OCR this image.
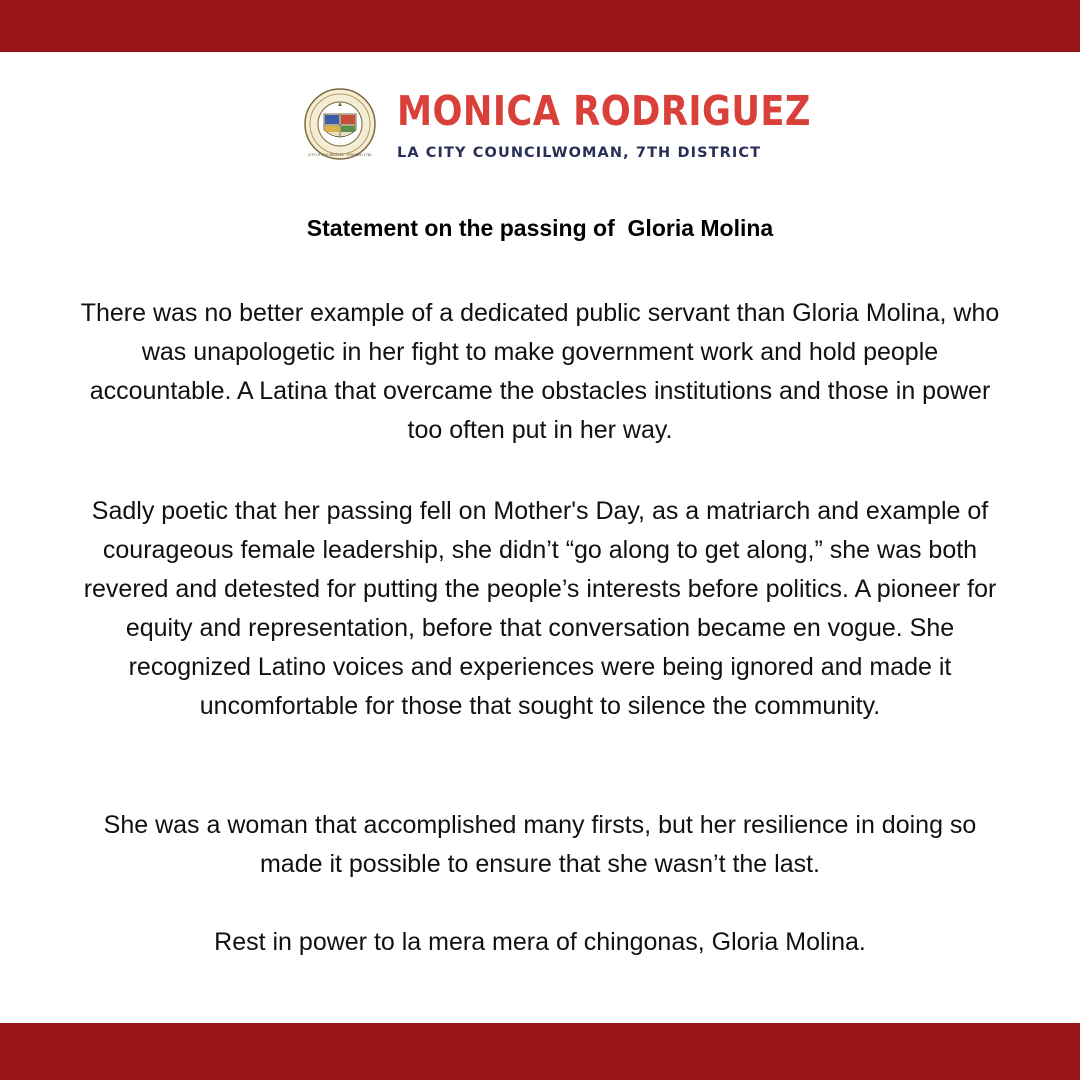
CITY OF LOS ANGELES · FOUNDED 1781
MONICA RODRIGUEZ
LA CITY COUNCILWOMAN, 7TH DISTRICT
Statement on the passing of  Gloria Molina

There was no better example of a dedicated public servant than Gloria Molina, who was unapologetic in her fight to make government work and hold people accountable. A Latina that overcame the obstacles institutions and those in power too often put in her way.

Sadly poetic that her passing fell on Mother's Day, as a matriarch and example of courageous female leadership, she didn’t “go along to get along,” she was both revered and detested for putting the people’s interests before politics. A pioneer for equity and representation, before that conversation became en vogue. She recognized Latino voices and experiences were being ignored and made it uncomfortable for those that sought to silence the community.

She was a woman that accomplished many firsts, but her resilience in doing so made it possible to ensure that she wasn’t the last.

Rest in power to la mera mera of chingonas, Gloria Molina.
